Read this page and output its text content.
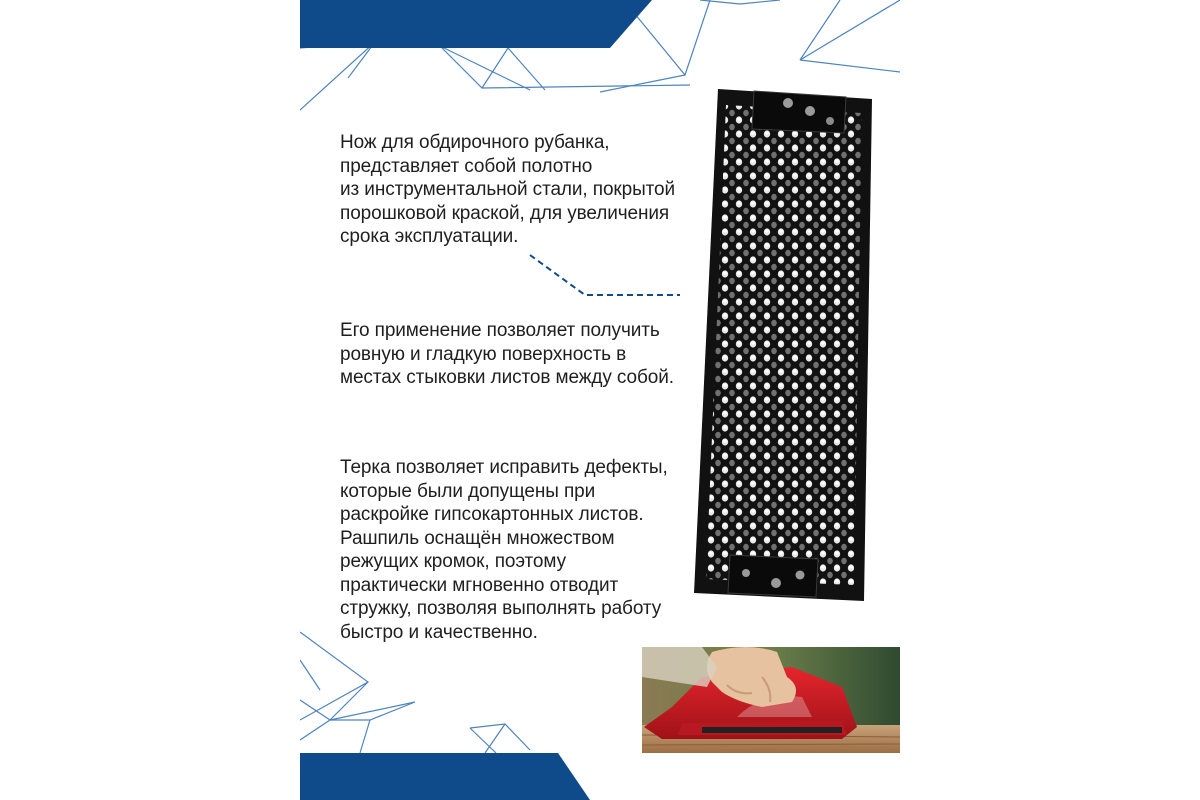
Нож для обдирочного рубанка,
представляет собой полотно
из инструментальной стали, покрытой
порошковой краской, для увеличения
срока эксплуатации.
Его применение позволяет получить
ровную и гладкую поверхность в
местах стыковки листов между собой.
Терка позволяет исправить дефекты,
которые были допущены при
раскройке гипсокартонных листов.
Рашпиль оснащён множеством
режущих кромок, поэтому
практически мгновенно отводит
стружку, позволяя выполнять работу
быстро и качественно.
